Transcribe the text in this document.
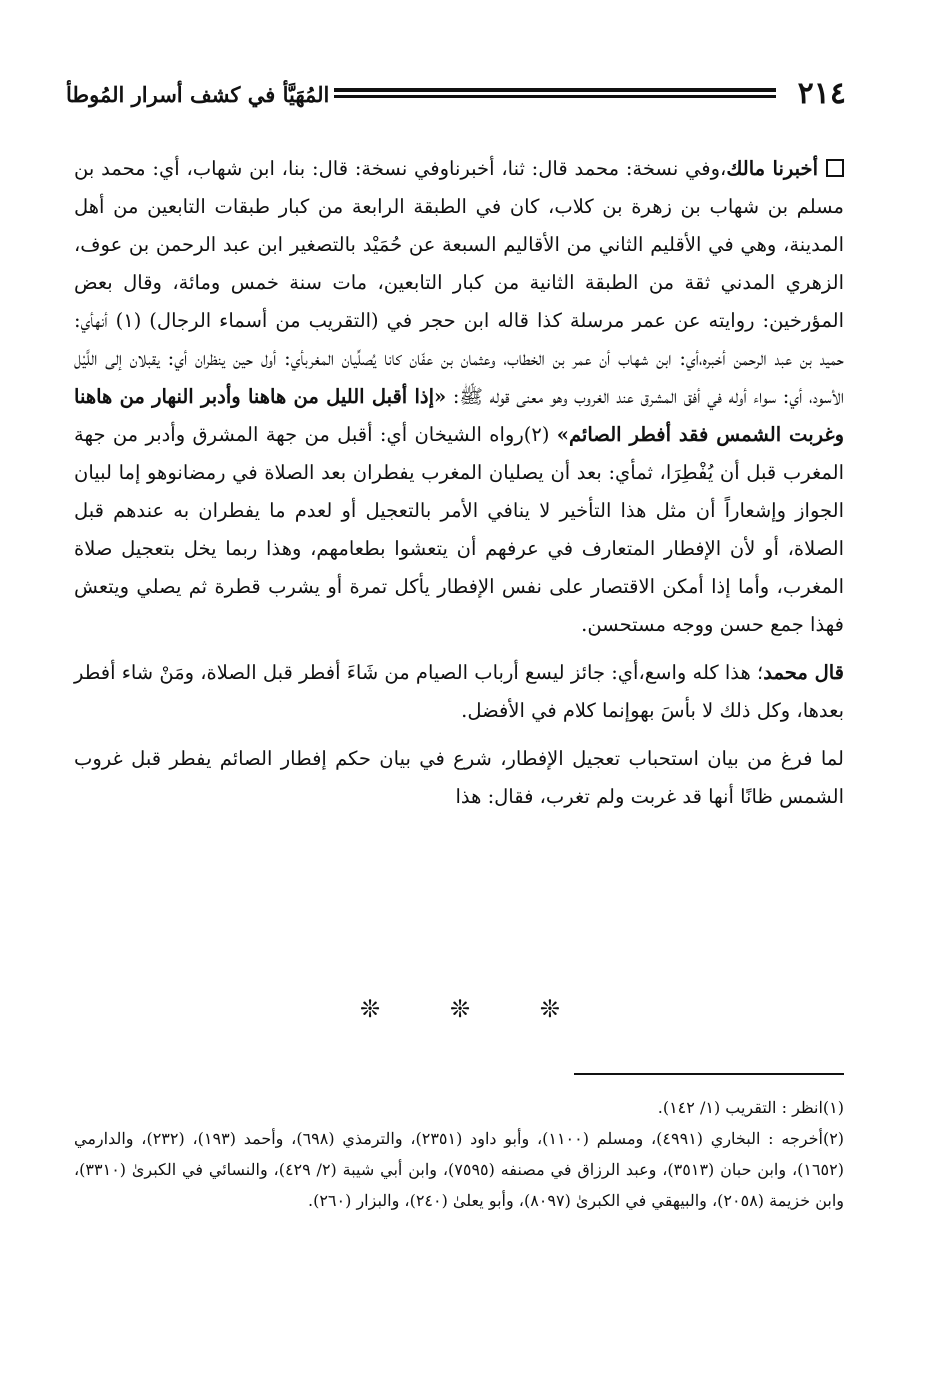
٢١٤
المُهَيَّأ في كشف أسرار المُوطأ

أخبرنا مالك،وفي نسخة: محمد قال: ثنا، أخبرناوفي نسخة: قال: بنا، ابن شهاب، أي: محمد بن مسلم بن شهاب بن زهرة بن كلاب، كان في الطبقة الرابعة من كبار طبقات التابعين من أهل المدينة، وهي في الأقليم الثاني من الأقاليم السبعة عن حُمَيْد بالتصغير ابن عبد الرحمن بن عوف، الزهري المدني ثقة من الطبقة الثانية من كبار التابعين، مات سنة خمس ومائة، وقال بعض المؤرخين: روايته عن عمر مرسلة كذا قاله ابن حجر في (التقريب من أسماء الرجال) (١) أنهأي: حميد بن عبد الرحمن أخبره،أي: ابن شهاب أن عمر بن الخطاب، وعثمان بن عفّان كانا يُصلِّيان المغربأي: أول حين ينظران أي: يقبلان إلى اللَّيْل الأسود، أي: سواء أوله في أفق المشرق عند الغروب وهو معنى قوله ﷺ: «إذا أقبل الليل من هاهنا وأدبر النهار من هاهنا وغربت الشمس فقد أفطر الصائم» (٢)رواه الشيخان أي: أقبل من جهة المشرق وأدبر من جهة المغرب قبل أن يُفْطِرَا، ثمأي: بعد أن يصليان المغرب يفطران بعد الصلاة في رمضانوهو إما لبيان الجواز وإشعاراً أن مثل هذا التأخير لا ينافي الأمر بالتعجيل أو لعدم ما يفطران به عندهم قبل الصلاة، أو لأن الإفطار المتعارف في عرفهم أن يتعشوا بطعامهم، وهذا ربما يخل بتعجيل صلاة المغرب، وأما إذا أمكن الاقتصار على نفس الإفطار يأكل تمرة أو يشرب قطرة ثم يصلي ويتعش فهذا جمع حسن ووجه مستحسن.

قال محمد؛ هذا كله واسع،أي: جائز ليسع أرباب الصيام من شَاءَ أفطر قبل الصلاة، ومَنْ شاء أفطر بعدها، وكل ذلك لا بأسَ بهوإنما كلام في الأفضل.

لما فرغ من بيان استحباب تعجيل الإفطار، شرع في بيان حكم إفطار الصائم يفطر قبل غروب الشمس ظانًا أنها قد غربت ولم تغرب، فقال: هذا

❊	❊	❊

(١)انظر : التقريب (١/ ١٤٢).

(٢)أخرجه : البخاري (٤٩٩١)، ومسلم (١١٠٠)، وأبو داود (٢٣٥١)، والترمذي (٦٩٨)، وأحمد (١٩٣)، (٢٣٢)، والدارمي (١٦٥٢)، وابن حبان (٣٥١٣)، وعبد الرزاق في مصنفه (٧٥٩٥)، وابن أبي شيبة (٢/ ٤٢٩)، والنسائي في الكبرىٰ (٣٣١٠)، وابن خزيمة (٢٠٥٨)، والبيهقي في الكبرىٰ (٨٠٩٧)، وأبو يعلىٰ (٢٤٠)، والبزار (٢٦٠).
